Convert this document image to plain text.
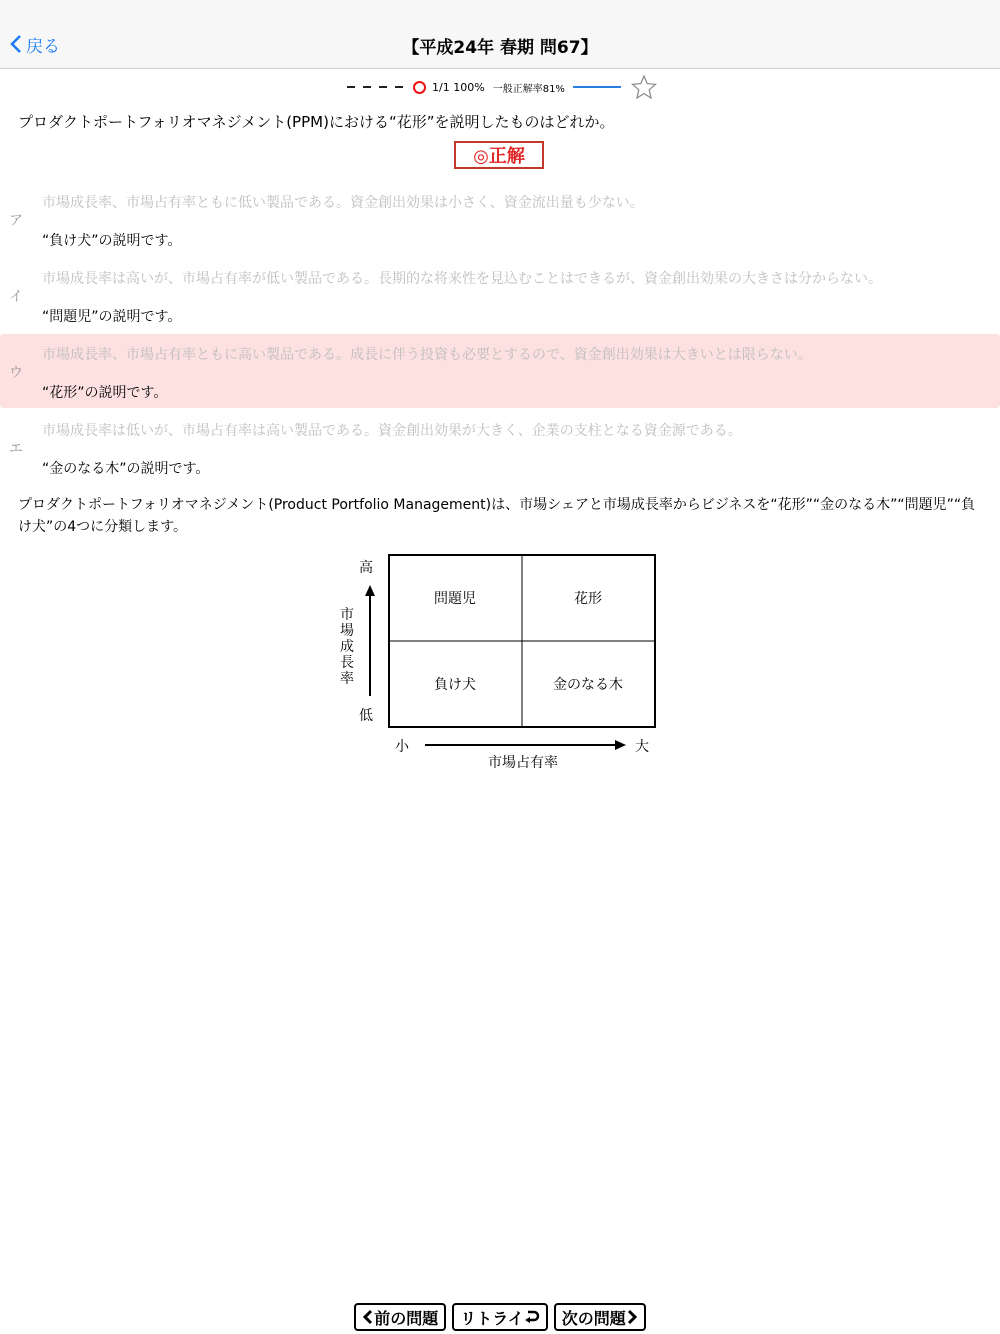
戻る	【平成24年 春期 問67】
1/1 100% 一般正解率81%
プロダクトポートフォリオマネジメント(PPM)における“花形”を説明したものはどれか。
◎正解
ア
市場成長率、市場占有率ともに低い製品である。資金創出効果は小さく、資金流出量も少ない。
“負け犬”の説明です。
イ
市場成長率は高いが、市場占有率が低い製品である。長期的な将来性を見込むことはできるが、資金創出効果の大きさは分からない。
“問題児”の説明です。
ウ
市場成長率、市場占有率ともに高い製品である。成長に伴う投資も必要とするので、資金創出効果は大きいとは限らない。
“花形”の説明です。
エ
市場成長率は低いが、市場占有率は高い製品である。資金創出効果が大きく、企業の支柱となる資金源である。
“金のなる木”の説明です。
プロダクトポートフォリオマネジメント(Product Portfolio Management)は、市場シェアと市場成長率からビジネスを“花形”“金のなる木”“問題児”“負け犬”の4つに分類します。
問題児	花形
負け犬	金のなる木
高
低
市
場
成
長
率
小	大
市場占有率
前の問題 リトライ 次の問題
